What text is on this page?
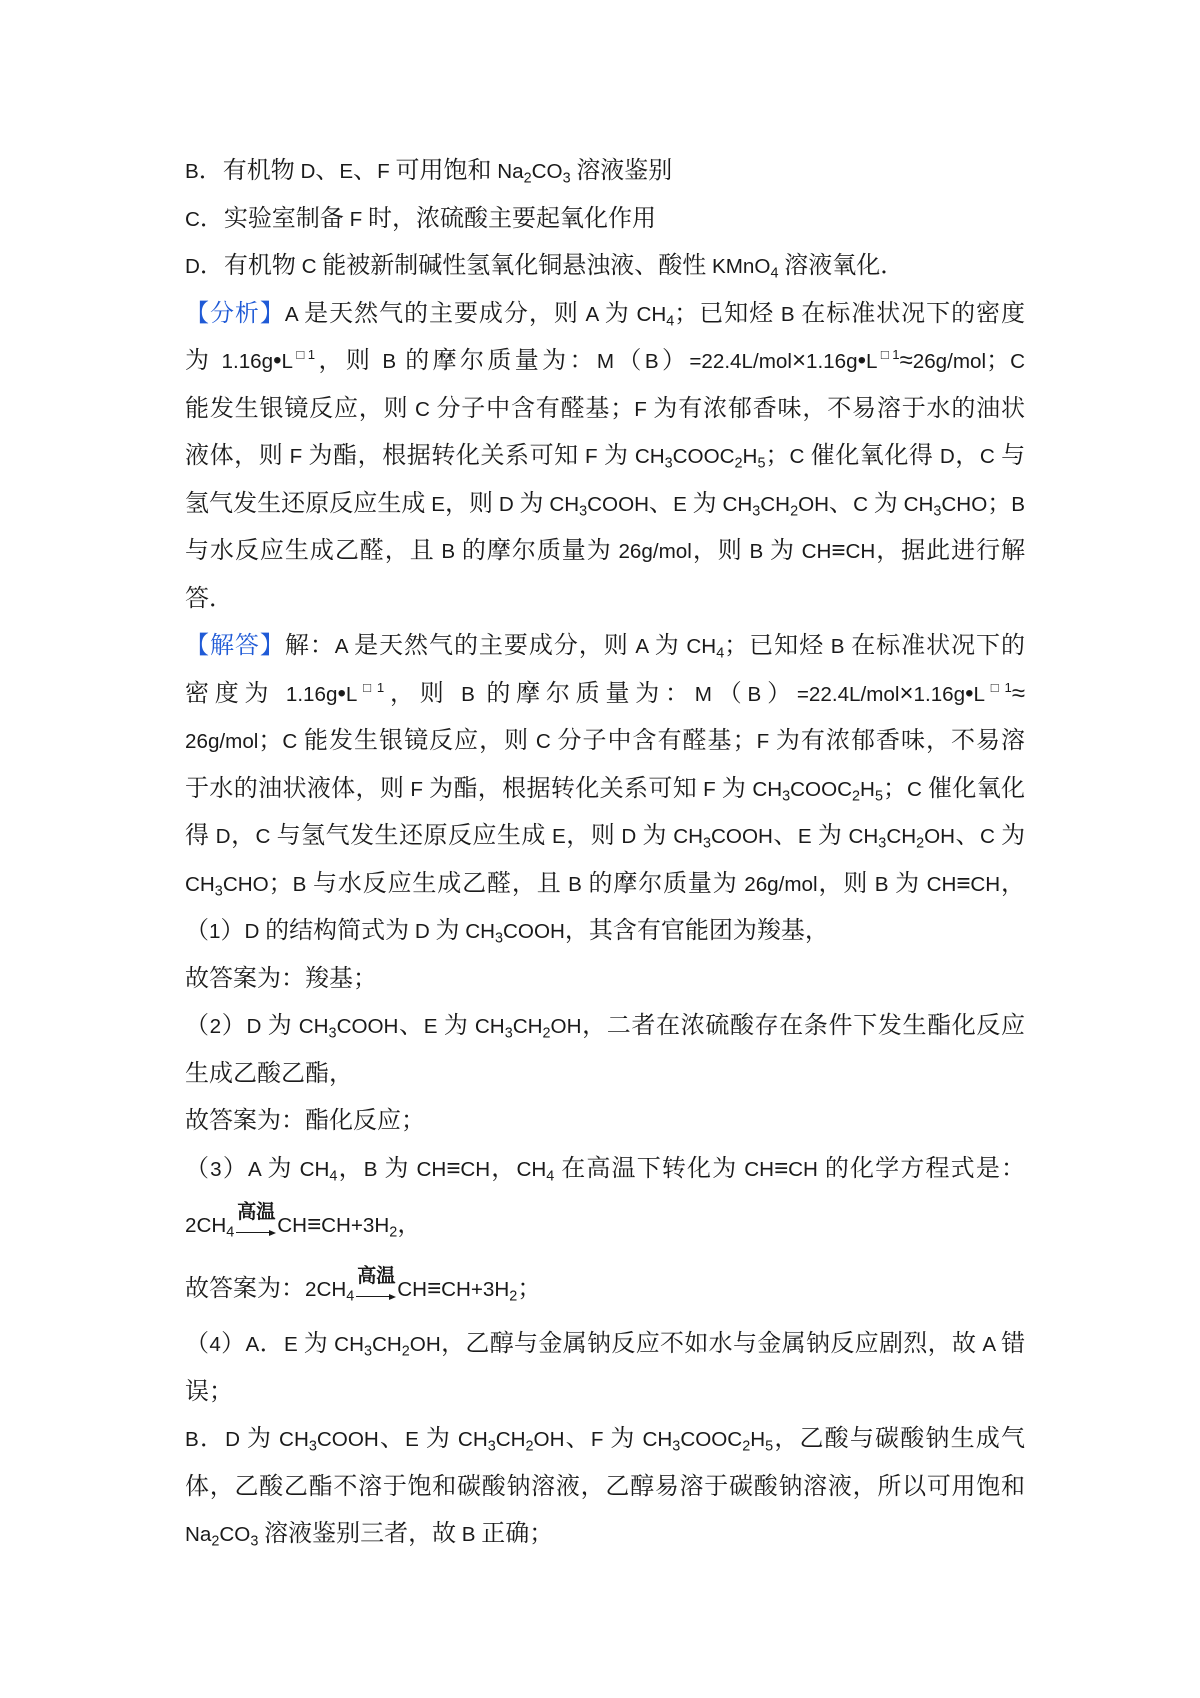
B．有机物 D、E、F 可用饱和 $Na_2CO_3$ 溶液鉴别
C．实验室制备 F 时，浓硫酸主要起氧化作用
D．有机物 C 能被新制碱性氢氧化铜悬浊液、酸性 KMnO$_4$ 溶液氧化．
【分析】A 是天然气的主要成分，则 A 为 $CH_4$；已知烃 B 在标准状况下的密度
为 $1.16g•L^{□1}$，则 B 的摩尔质量为：$M(B)=22.4L/mol\times 1.16g•L^{□1}\approx 26g$/mol；C
能发生银镜反应，则 C 分子中含有醛基；F 为有浓郁香味，不易溶于水的油状
液体，则 F 为酯，根据转化关系可知 F 为 $CH_3COOC_2H_5$；C 催化氧化得 D，C 与
氢气发生还原反应生成 E，则 D 为 $CH_3COOH$、E 为 $CH_3CH_2OH$、C 为 $CH_3CHO$；B
与水反应生成乙醛，且 B 的摩尔质量为 26g/mol，则 B 为 CH≡CH，据此进行解
答．
【解答】解：A 是天然气的主要成分，则 A 为 $CH_4$；已知烃 B 在标准状况下的
密度为 $1.16g•L^{□1}$，则 B 的摩尔质量为：$M(B)=22.4L/mol\times 1.16g•L^{□1}\approx$
26g/mol；C 能发生银镜反应，则 C 分子中含有醛基；F 为有浓郁香味，不易溶
于水的油状液体，则 F 为酯，根据转化关系可知 F 为 $CH_3COOC_2H_5$；C 催化氧化
得 D，C 与氢气发生还原反应生成 E，则 D 为 $CH_3COOH$、E 为 $CH_3CH_2OH$、C 为
$CH_3CHO$；B 与水反应生成乙醛，且 B 的摩尔质量为 26g/mol，则 B 为 CH≡CH，
（1）D 的结构简式为 D 为 $CH_3COOH$，其含有官能团为羧基，
故答案为：羧基；
（2）D 为 $CH_3COOH$、E 为 $CH_3CH_2OH$，二者在浓硫酸存在条件下发生酯化反应
生成乙酸乙酯，
故答案为：酯化反应；
（3）A 为 $CH_4$，B 为 CH≡CH，$CH_4$ 在高温下转化为 CH≡CH 的化学方程式是：
$2CH_4$
高温
$CH\equiv CH+3H_2$，
故答案为：$2CH_4$
高温
$CH\equiv CH+3H_2$；
（4）A．E 为 $CH_3CH_2OH$，乙醇与金属钠反应不如水与金属钠反应剧烈，故 A 错
误；
B．D 为 $CH_3COOH$、E 为 $CH_3CH_2OH$、F 为 $CH_3COOC_2H_5$，乙酸与碳酸钠生成气
体，乙酸乙酯不溶于饱和碳酸钠溶液，乙醇易溶于碳酸钠溶液，所以可用饱和
$Na_2CO_3$ 溶液鉴别三者，故 B 正确；
